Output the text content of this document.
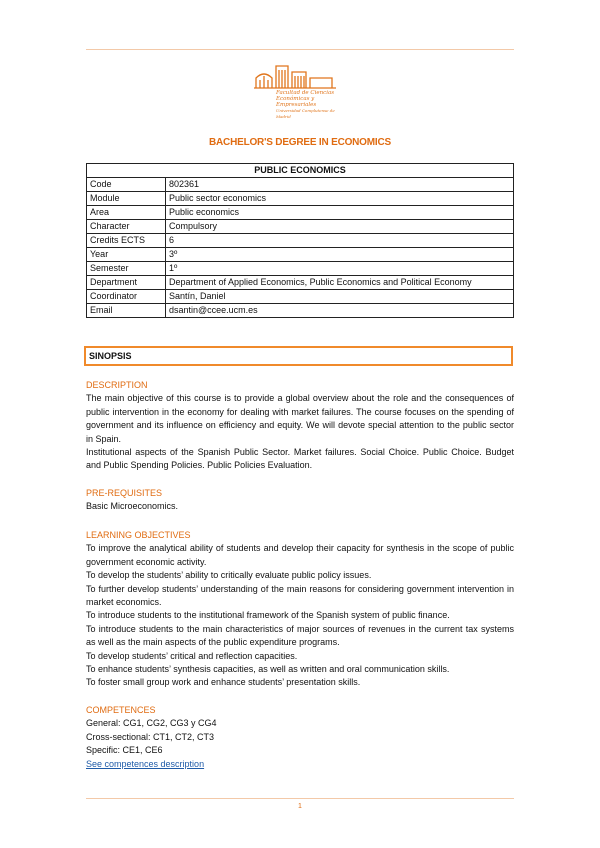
Facultad de Ciencias
Económicas y Empresariales
Universidad Complutense de Madrid
BACHELOR'S DEGREE IN ECONOMICS
PUBLIC ECONOMICS	
Code	802361
Module	Public sector economics
Area	Public economics
Character	Compulsory
Credits ECTS	6
Year	3º
Semester	1º
Department	Department of Applied Economics, Public Economics and Political Economy
Coordinator	Santín, Daniel
Email	dsantin@ccee.ucm.es
SINOPSIS
DESCRIPTION

The main objective of this course is to provide a global overview about the role and the consequences of public intervention in the economy for dealing with market failures. The course focuses on the spending of government and its influence on efficiency and equity. We will devote special attention to the public sector in Spain.

Institutional aspects of the Spanish Public Sector. Market failures. Social Choice. Public Choice. Budget and Public Spending Policies. Public Policies Evaluation.

PRE-REQUISITES

Basic Microeconomics.

LEARNING OBJECTIVES

To improve the analytical ability of students and develop their capacity for synthesis in the scope of public government economic activity.

To develop the students’ ability to critically evaluate public policy issues.

To further develop students’ understanding of the main reasons for considering government intervention in market economics.

To introduce students to the institutional framework of the Spanish system of public finance.

To introduce students to the main characteristics of major sources of revenues in the current tax systems as well as the main aspects of the public expenditure programs.

To develop students’ critical and reflection capacities.

To enhance students’ synthesis capacities, as well as written and oral communication skills.

To foster small group work and enhance students’ presentation skills.

COMPETENCES
General: CG1, CG2, CG3 y CG4
Cross-sectional: CT1, CT2, CT3
Specific: CE1, CE6
See competences description
1
